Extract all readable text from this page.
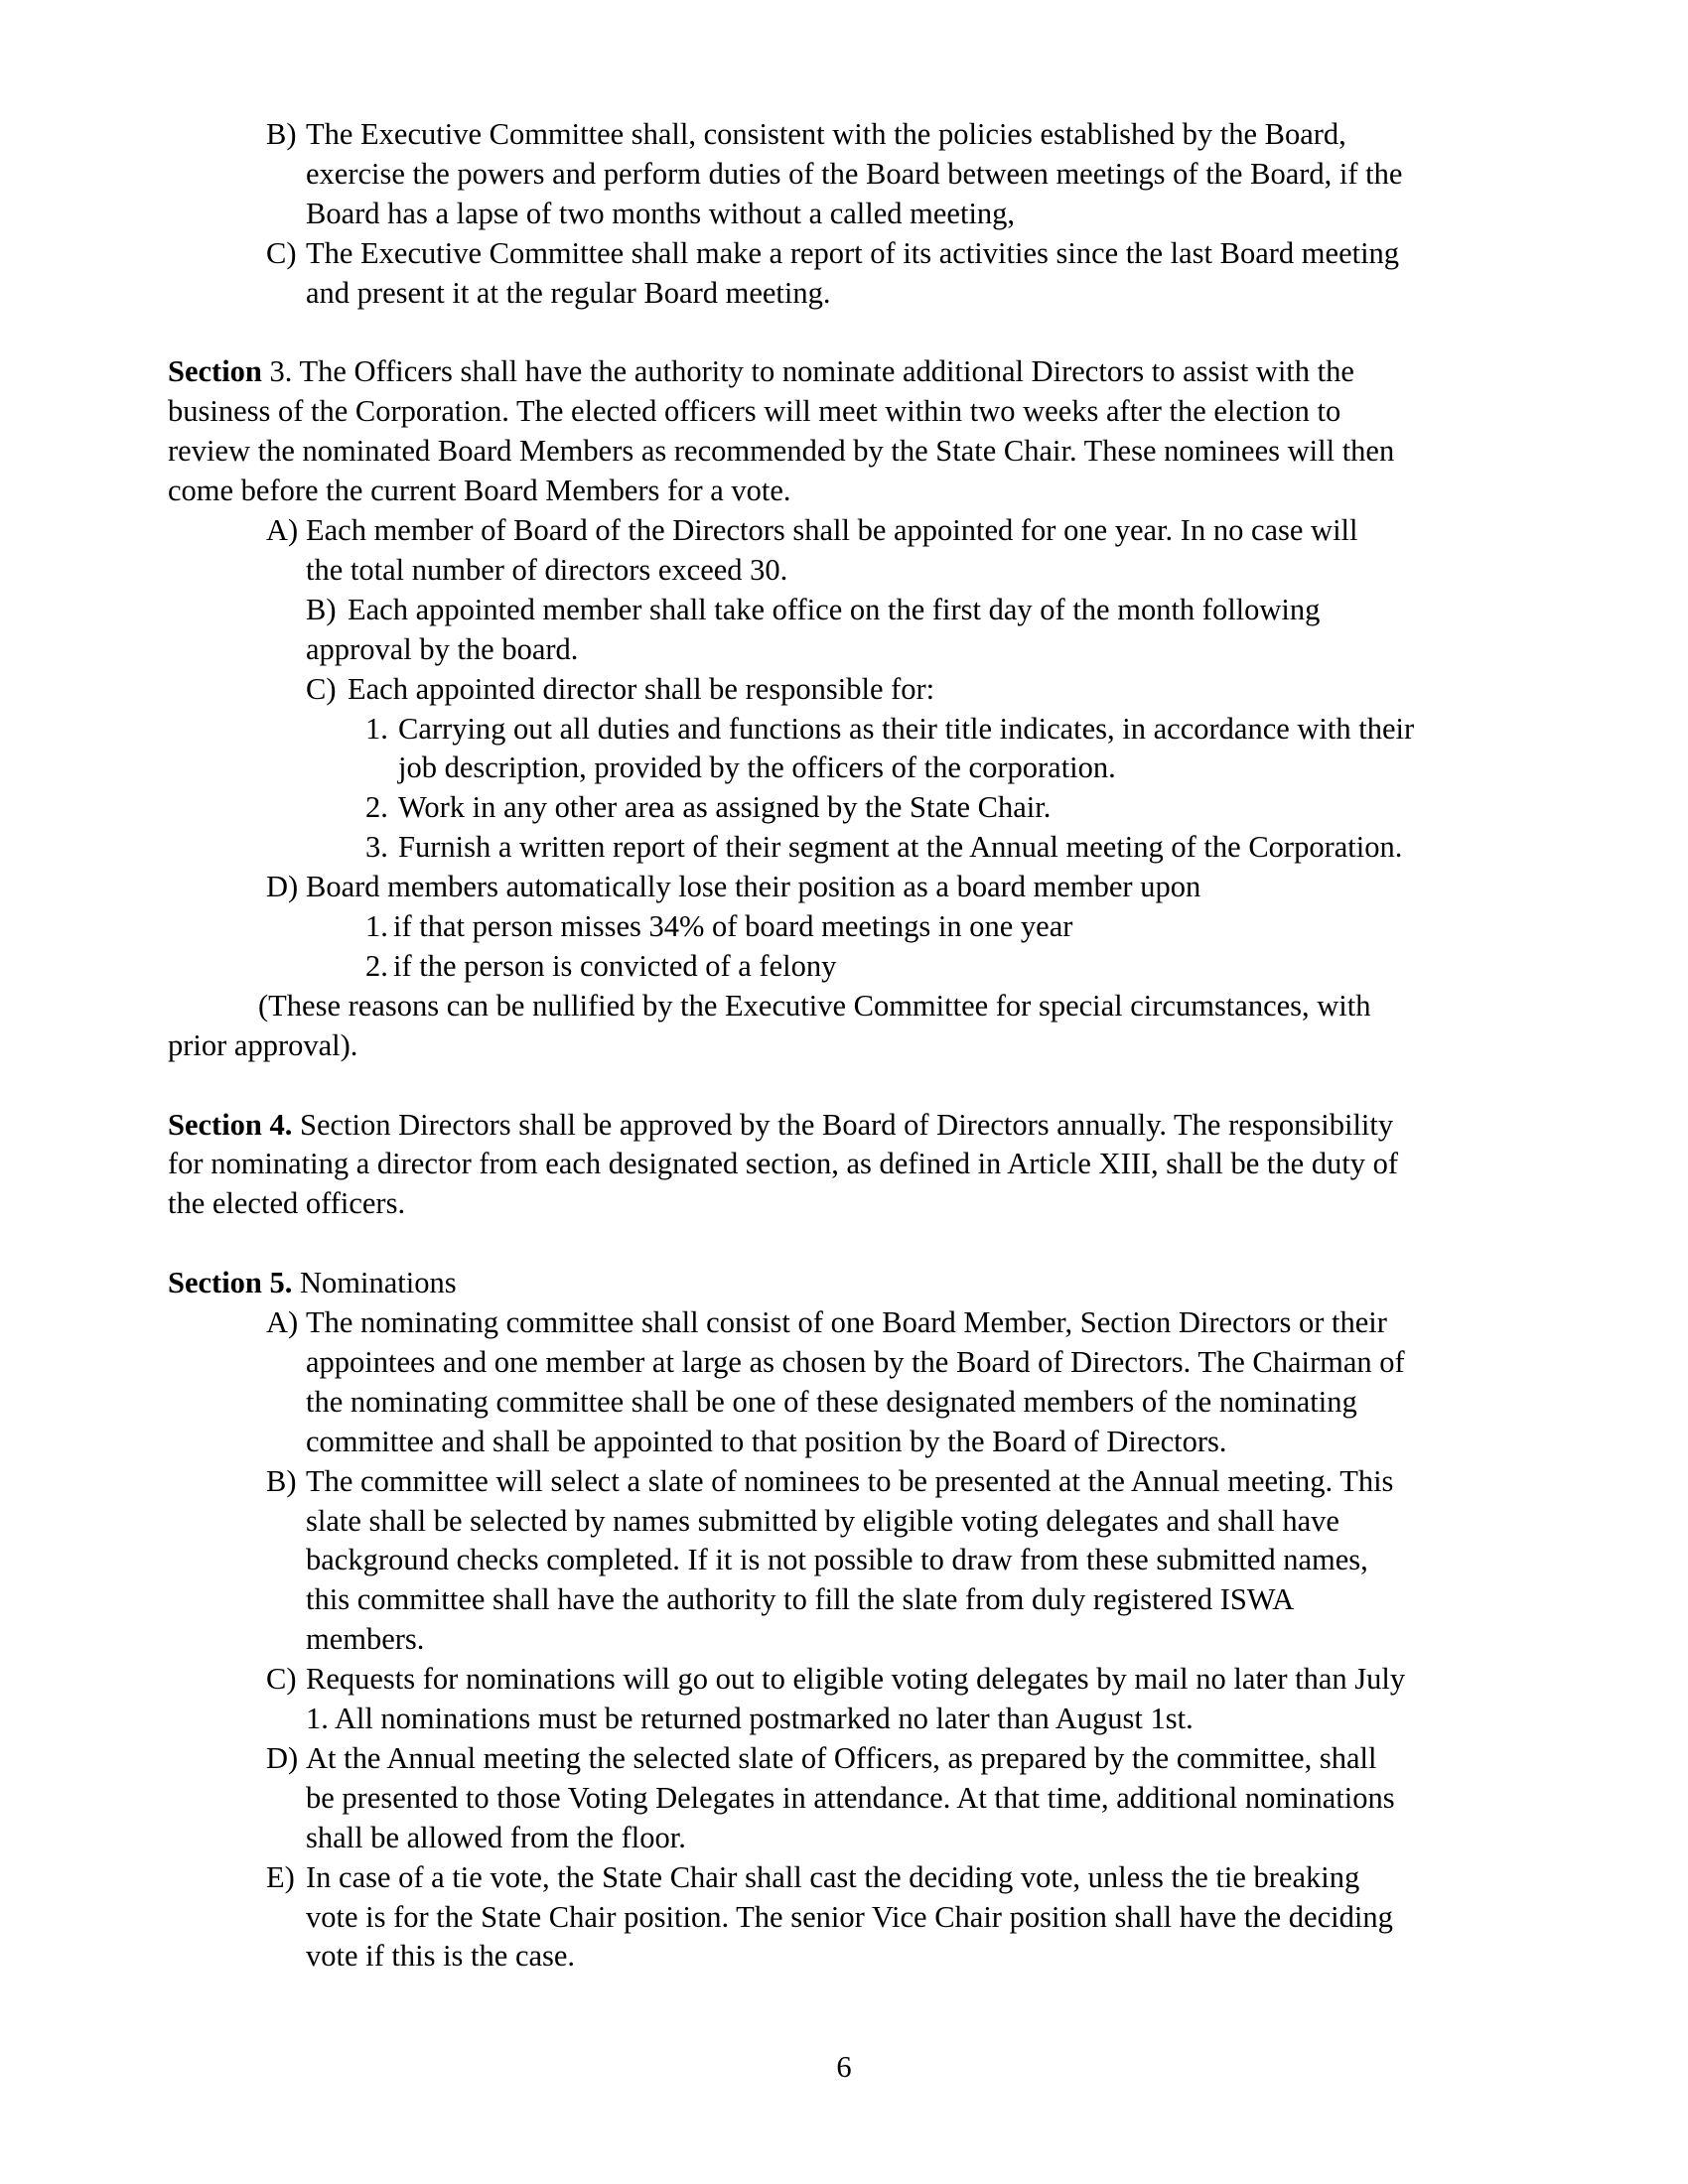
B) The Executive Committee shall, consistent with the policies established by the Board,
exercise the powers and perform duties of the Board between meetings of the Board, if the
Board has a lapse of two months without a called meeting,
C) The Executive Committee shall make a report of its activities since the last Board meeting
and present it at the regular Board meeting.
Section 3. The Officers shall have the authority to nominate additional Directors to assist with the
business of the Corporation. The elected officers will meet within two weeks after the election to
review the nominated Board Members as recommended by the State Chair. These nominees will then
come before the current Board Members for a vote.
A) Each member of Board of the Directors shall be appointed for one year. In no case will
the total number of directors exceed 30.
B) Each appointed member shall take office on the first day of the month following
approval by the board.
C) Each appointed director shall be responsible for:
1. Carrying out all duties and functions as their title indicates, in accordance with their
job description, provided by the officers of the corporation.
2. Work in any other area as assigned by the State Chair.
3. Furnish a written report of their segment at the Annual meeting of the Corporation.
D) Board members automatically lose their position as a board member upon
1. if that person misses 34% of board meetings in one year
2. if the person is convicted of a felony
(These reasons can be nullified by the Executive Committee for special circumstances, with
prior approval).
Section 4. Section Directors shall be approved by the Board of Directors annually. The responsibility
for nominating a director from each designated section, as defined in Article XIII, shall be the duty of
the elected officers.
Section 5. Nominations
A) The nominating committee shall consist of one Board Member, Section Directors or their
appointees and one member at large as chosen by the Board of Directors. The Chairman of
the nominating committee shall be one of these designated members of the nominating
committee and shall be appointed to that position by the Board of Directors.
B) The committee will select a slate of nominees to be presented at the Annual meeting. This
slate shall be selected by names submitted by eligible voting delegates and shall have
background checks completed. If it is not possible to draw from these submitted names,
this committee shall have the authority to fill the slate from duly registered ISWA
members.
C) Requests for nominations will go out to eligible voting delegates by mail no later than July
1. All nominations must be returned postmarked no later than August 1st.
D) At the Annual meeting the selected slate of Officers, as prepared by the committee, shall
be presented to those Voting Delegates in attendance. At that time, additional nominations
shall be allowed from the floor.
E) In case of a tie vote, the State Chair shall cast the deciding vote, unless the tie breaking
vote is for the State Chair position. The senior Vice Chair position shall have the deciding
vote if this is the case.
6
